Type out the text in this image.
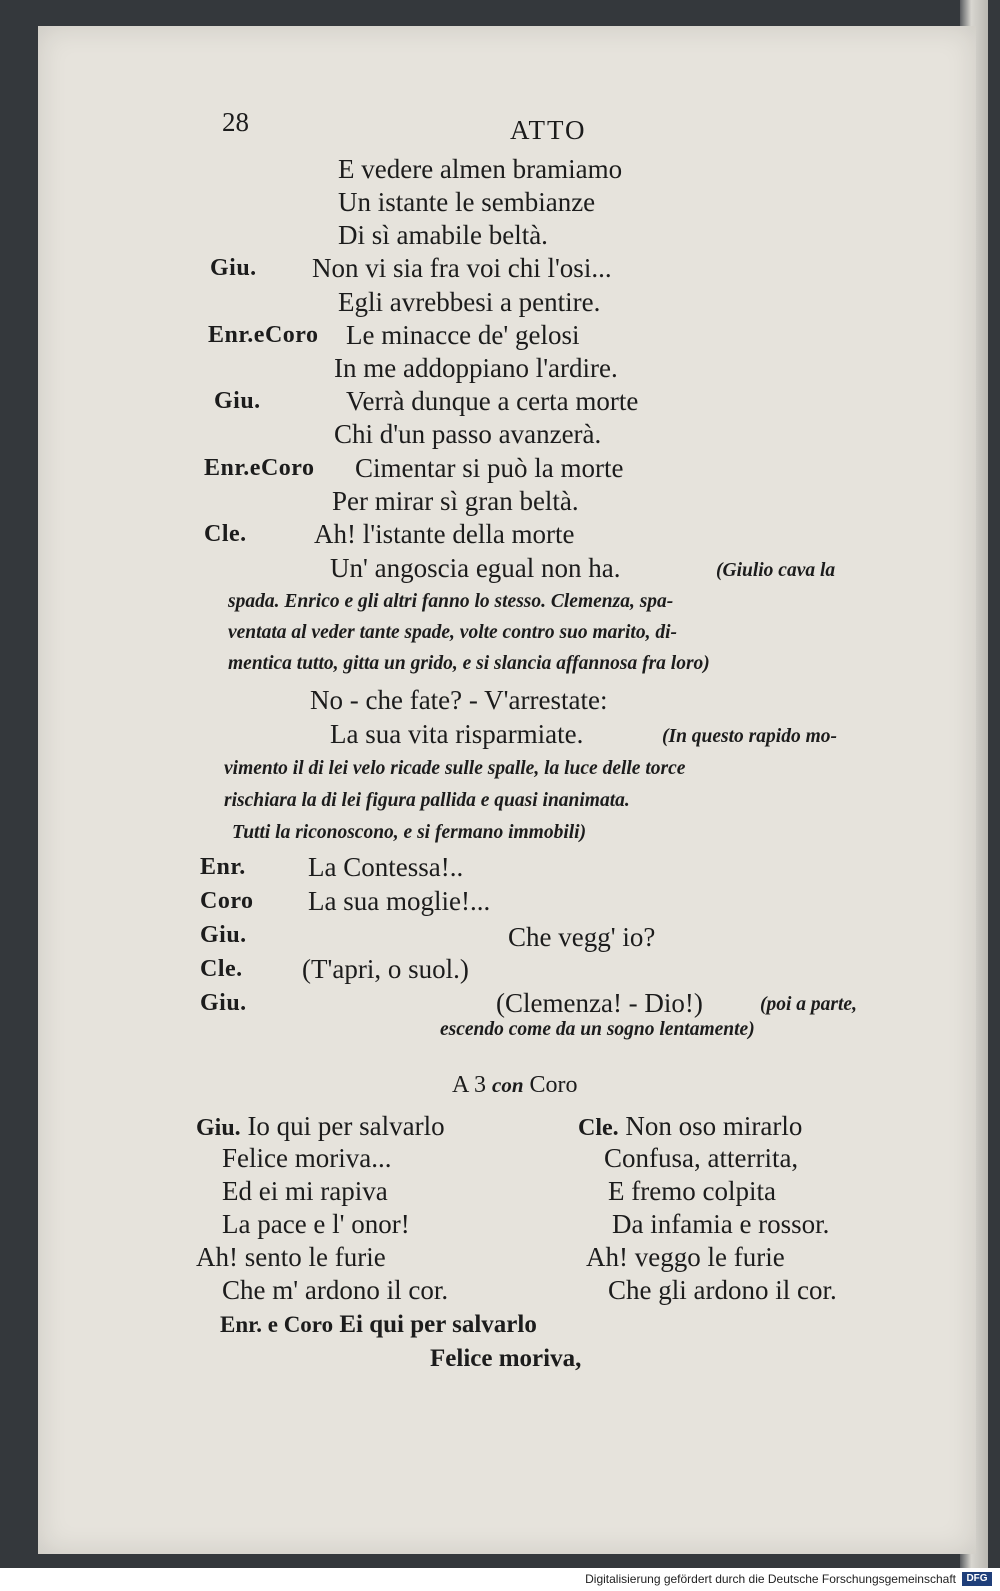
28	ATTO
E vedere almen bramiamo
Un istante le sembianze
Di sì amabile beltà.
Giu. Non vi sia fra voi chi l'osi...
Egli avrebbesi a pentire.
Enr.eCoro Le minacce de' gelosi
In me addoppiano l'ardire.
Giu.	Verrà dunque a certa morte
Chi d'un passo avanzerà.
Enr.eCoro Cimentar si può la morte
Per mirar sì gran beltà.
Cle. Ah! l'istante della morte
Un' angoscia egual non ha.	(Giulio cava la
spada. Enrico e gli altri fanno lo stesso. Clemenza, spa-
ventata al veder tante spade, volte contro suo marito, di-
mentica tutto, gitta un grido, e si slancia affannosa fra loro)
No - che fate? - V'arrestate:
La sua vita risparmiate.	(In questo rapido mo-
vimento il di lei velo ricade sulle spalle, la luce delle torce
rischiara la di lei figura pallida e quasi inanimata.
Tutti la riconoscono, e si fermano immobili)
Enr. La Contessa!..
Coro La sua moglie!...
Giu.	Che vegg' io?
Cle. (T'apri, o suol.)
Giu.	(Clemenza! - Dio!)	(poi a parte,
escendo come da un sogno lentamente)
A 3 con Coro
Giu. Io qui per salvarlo
Felice moriva...
Ed ei mi rapiva
La pace e l' onor!
Ah! sento le furie
Che m' ardono il cor.
Cle. Non oso mirarlo
Confusa, atterrita,
E fremo colpita
Da infamia e rossor.
Ah! veggo le furie
Che gli ardono il cor.
Enr. e Coro Ei qui per salvarlo
Felice moriva,
Digitalisierung gefördert durch die Deutsche Forschungsgemeinschaft	DFG
